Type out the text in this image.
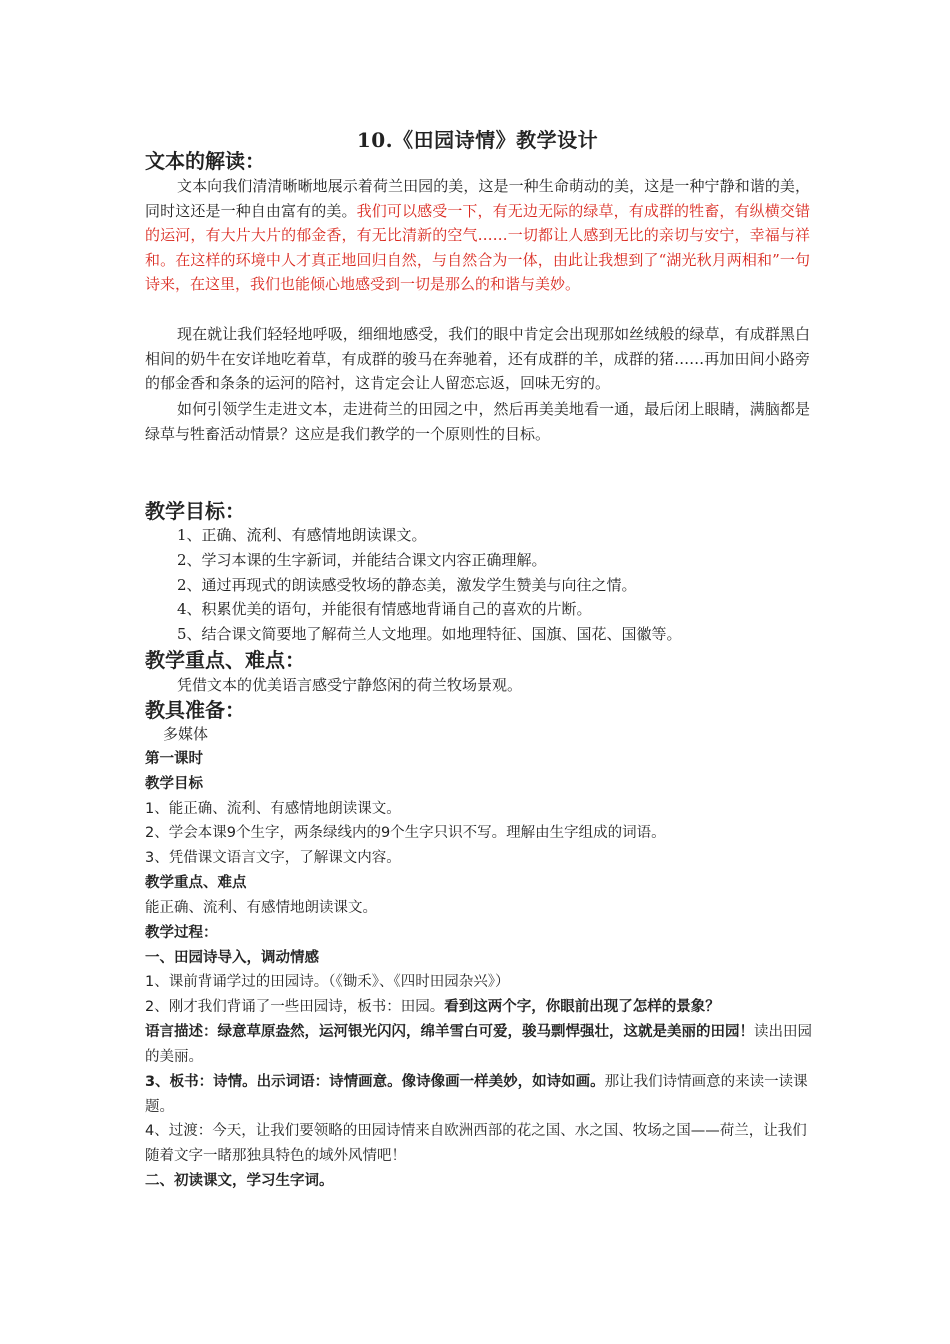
10.《田园诗情》教学设计
文本的解读：
文本向我们清清晰晰地展示着荷兰田园的美，这是一种生命萌动的美，这是一种宁静和谐的美，同时这还是一种自由富有的美。我们可以感受一下，有无边无际的绿草，有成群的牲畜，有纵横交错的运河，有大片大片的郁金香，有无比清新的空气……一切都让人感到无比的亲切与安宁，幸福与祥和。在这样的环境中人才真正地回归自然，与自然合为一体，由此让我想到了“湖光秋月两相和”一句诗来，在这里，我们也能倾心地感受到一切是那么的和谐与美妙。
现在就让我们轻轻地呼吸，细细地感受，我们的眼中肯定会出现那如丝绒般的绿草，有成群黑白相间的奶牛在安详地吃着草，有成群的骏马在奔驰着，还有成群的羊，成群的猪……再加田间小路旁的郁金香和条条的运河的陪衬，这肯定会让人留恋忘返，回味无穷的。
如何引领学生走进文本，走进荷兰的田园之中，然后再美美地看一通，最后闭上眼睛，满脑都是绿草与牲畜活动情景？这应是我们教学的一个原则性的目标。
教学目标：
1、正确、流利、有感情地朗读课文。
2、学习本课的生字新词，并能结合课文内容正确理解。
2、通过再现式的朗读感受牧场的静态美，激发学生赞美与向往之情。
4、积累优美的语句，并能很有情感地背诵自己的喜欢的片断。
5、结合课文简要地了解荷兰人文地理。如地理特征、国旗、国花、国徽等。
教学重点、难点：
凭借文本的优美语言感受宁静悠闲的荷兰牧场景观。
教具准备：
多媒体
第一课时
教学目标
1、能正确、流利、有感情地朗读课文。
2、学会本课9个生字，两条绿线内的9个生字只识不写。理解由生字组成的词语。
3、凭借课文语言文字，了解课文内容。
教学重点、难点
能正确、流利、有感情地朗读课文。
教学过程：
一、田园诗导入，调动情感
1、课前背诵学过的田园诗。（《锄禾》、《四时田园杂兴》）
2、刚才我们背诵了一些田园诗，板书：田园。看到这两个字，你眼前出现了怎样的景象？
语言描述：绿意草原盎然，运河银光闪闪，绵羊雪白可爱，骏马剽悍强壮，这就是美丽的田园！读出田园的美丽。
3、板书：诗情。出示词语：诗情画意。像诗像画一样美妙，如诗如画。那让我们诗情画意的来读一读课题。
4、过渡：今天，让我们要领略的田园诗情来自欧洲西部的花之国、水之国、牧场之国——荷兰，让我们随着文字一睹那独具特色的域外风情吧！
二、初读课文，学习生字词。
